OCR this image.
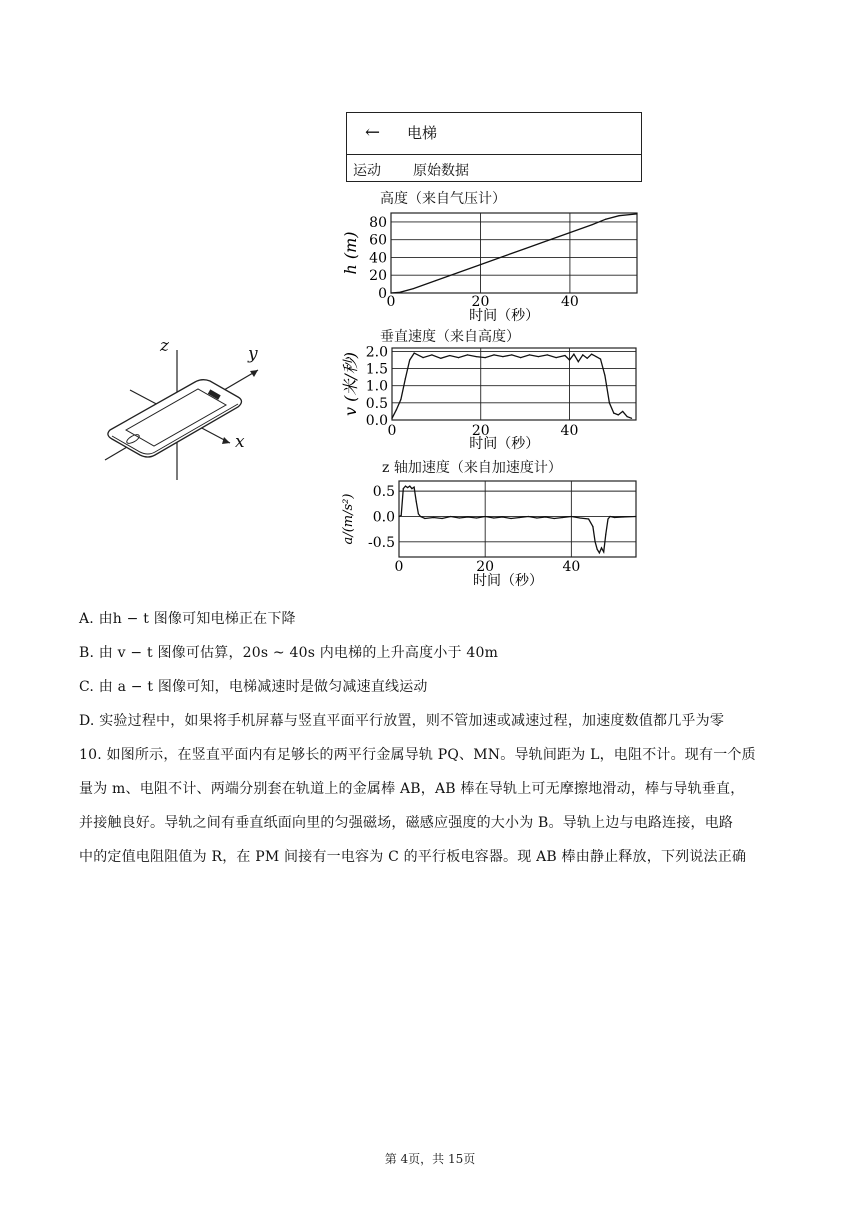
z	y
x
← 电梯
运动 原始数据
高度（来自气压计）
垂直速度（来自高度）
z 轴加速度（来自加速度计）
0
20
40
60
80
0	20	40
时间（秒）
h (m)
0.0
0.5
1.0
1.5
2.0
0	20	40
时间（秒）
v (米/秒)
0.5
0.0
-0.5
0	20	40
时间（秒）
a/(m/s²)
A. 由h − t 图像可知电梯正在下降
B. 由 v − t 图像可估算，20s ~ 40s 内电梯的上升高度小于 40m
C. 由 a − t 图像可知，电梯减速时是做匀减速直线运动
D. 实验过程中，如果将手机屏幕与竖直平面平行放置，则不管加速或减速过程，加速度数值都几乎为零
10. 如图所示，在竖直平面内有足够长的两平行金属导轨 PQ、MN。导轨间距为 L，电阻不计。现有一个质
量为 m、电阻不计、两端分别套在轨道上的金属棒 AB，AB 棒在导轨上可无摩擦地滑动，棒与导轨垂直，
并接触良好。导轨之间有垂直纸面向里的匀强磁场，磁感应强度的大小为 B。导轨上边与电路连接，电路
中的定值电阻阻值为 R，在 PM 间接有一电容为 C 的平行板电容器。现 AB 棒由静止释放，下列说法正确
第 4页，共 15页
